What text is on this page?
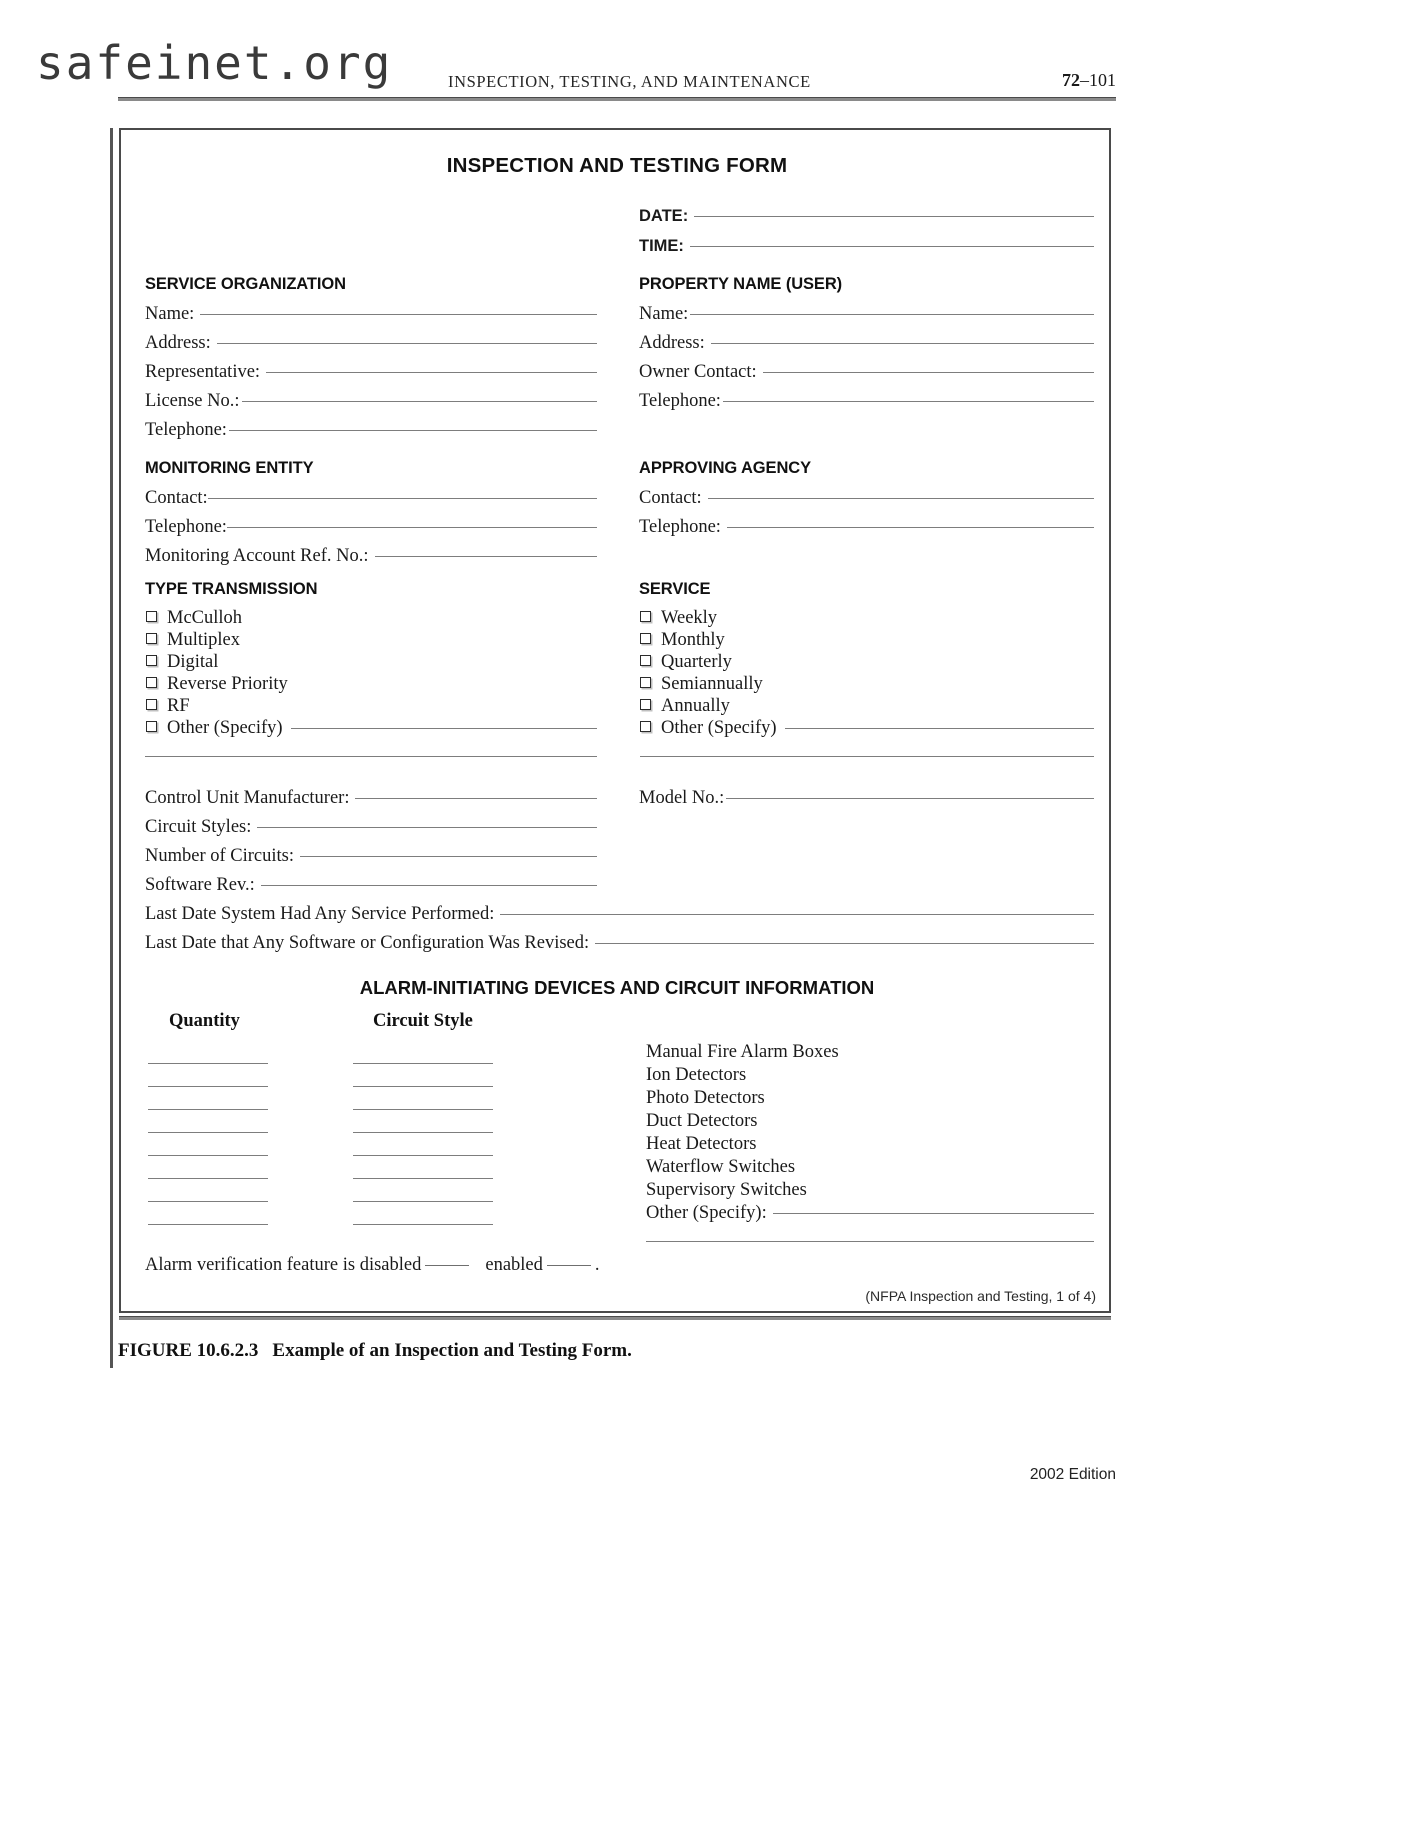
safeinet.org	INSPECTION, TESTING, AND MAINTENANCE	72–101
INSPECTION AND TESTING FORM
DATE:
TIME:
SERVICE ORGANIZATION
Name:
Address:
Representative:
License No.:
Telephone:
PROPERTY NAME (USER)
Name:
Address:
Owner Contact:
Telephone:
MONITORING ENTITY
Contact:
Telephone:
Monitoring Account Ref. No.:
APPROVING AGENCY
Contact:
Telephone:
TYPE TRANSMISSION
McCulloh
Multiplex
Digital
Reverse Priority
RF
Other (Specify)
SERVICE
Weekly
Monthly
Quarterly
Semiannually
Annually
Other (Specify)
Control Unit Manufacturer:
Circuit Styles:
Number of Circuits:
Software Rev.:
Model No.:
Last Date System Had Any Service Performed:
Last Date that Any Software or Configuration Was Revised:
ALARM-INITIATING DEVICES AND CIRCUIT INFORMATION
Quantity	Circuit Style
Manual Fire Alarm Boxes
Ion Detectors
Photo Detectors
Duct Detectors
Heat Detectors
Waterflow Switches
Supervisory Switches
Other (Specify):
Alarm verification feature is disabled	enabled	.
(NFPA Inspection and Testing, 1 of 4)
FIGURE 10.6.2.3 Example of an Inspection and Testing Form.
2002 Edition
